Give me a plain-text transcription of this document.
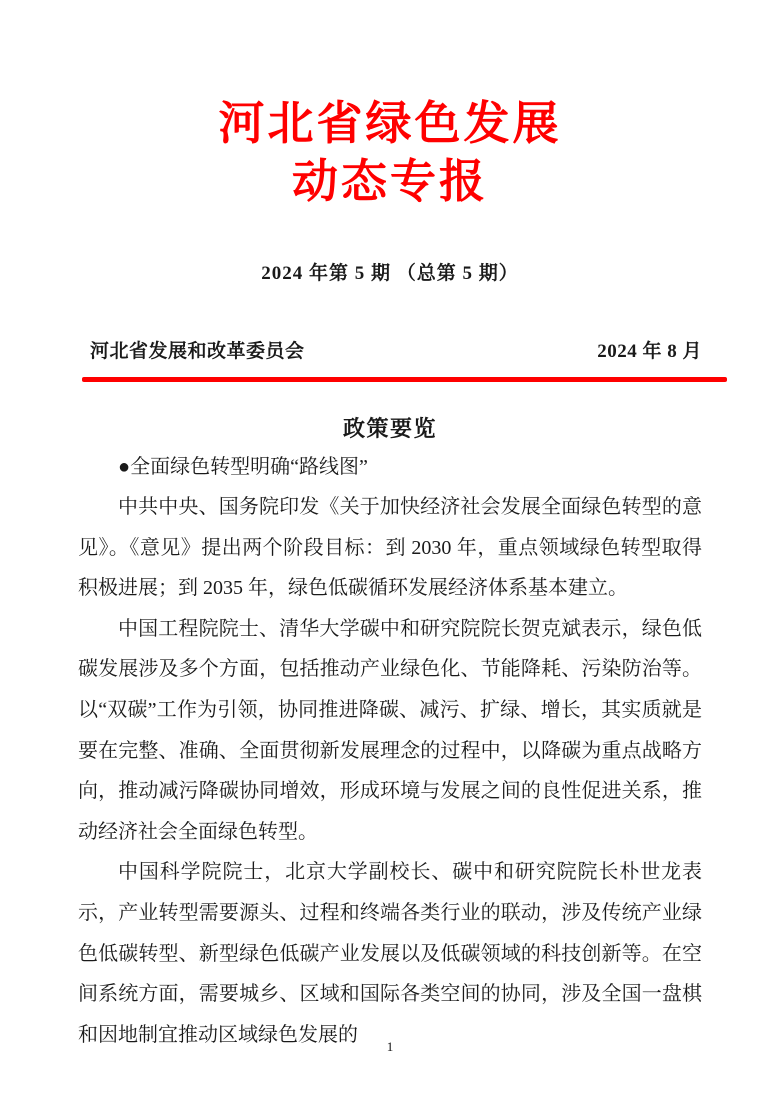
河北省绿色发展
动态专报
2024 年第 5 期 （总第 5 期）
河北省发展和改革委员会	2024 年 8 月
政策要览

●全面绿色转型明确“路线图”

中共中央、国务院印发《关于加快经济社会发展全面绿色转型的意见》。《意见》提出两个阶段目标：到 2030 年，重点领域绿色转型取得积极进展；到 2035 年，绿色低碳循环发展经济体系基本建立。

中国工程院院士、清华大学碳中和研究院院长贺克斌表示，绿色低碳发展涉及多个方面，包括推动产业绿色化、节能降耗、污染防治等。以“双碳”工作为引领，协同推进降碳、减污、扩绿、增长，其实质就是要在完整、准确、全面贯彻新发展理念的过程中，以降碳为重点战略方向，推动减污降碳协同增效，形成环境与发展之间的良性促进关系，推动经济社会全面绿色转型。

中国科学院院士，北京大学副校长、碳中和研究院院长朴世龙表示，产业转型需要源头、过程和终端各类行业的联动，涉及传统产业绿色低碳转型、新型绿色低碳产业发展以及低碳领域的科技创新等。在空间系统方面，需要城乡、区域和国际各类空间的协同，涉及全国一盘棋和因地制宜推动区域绿色发展的

1
